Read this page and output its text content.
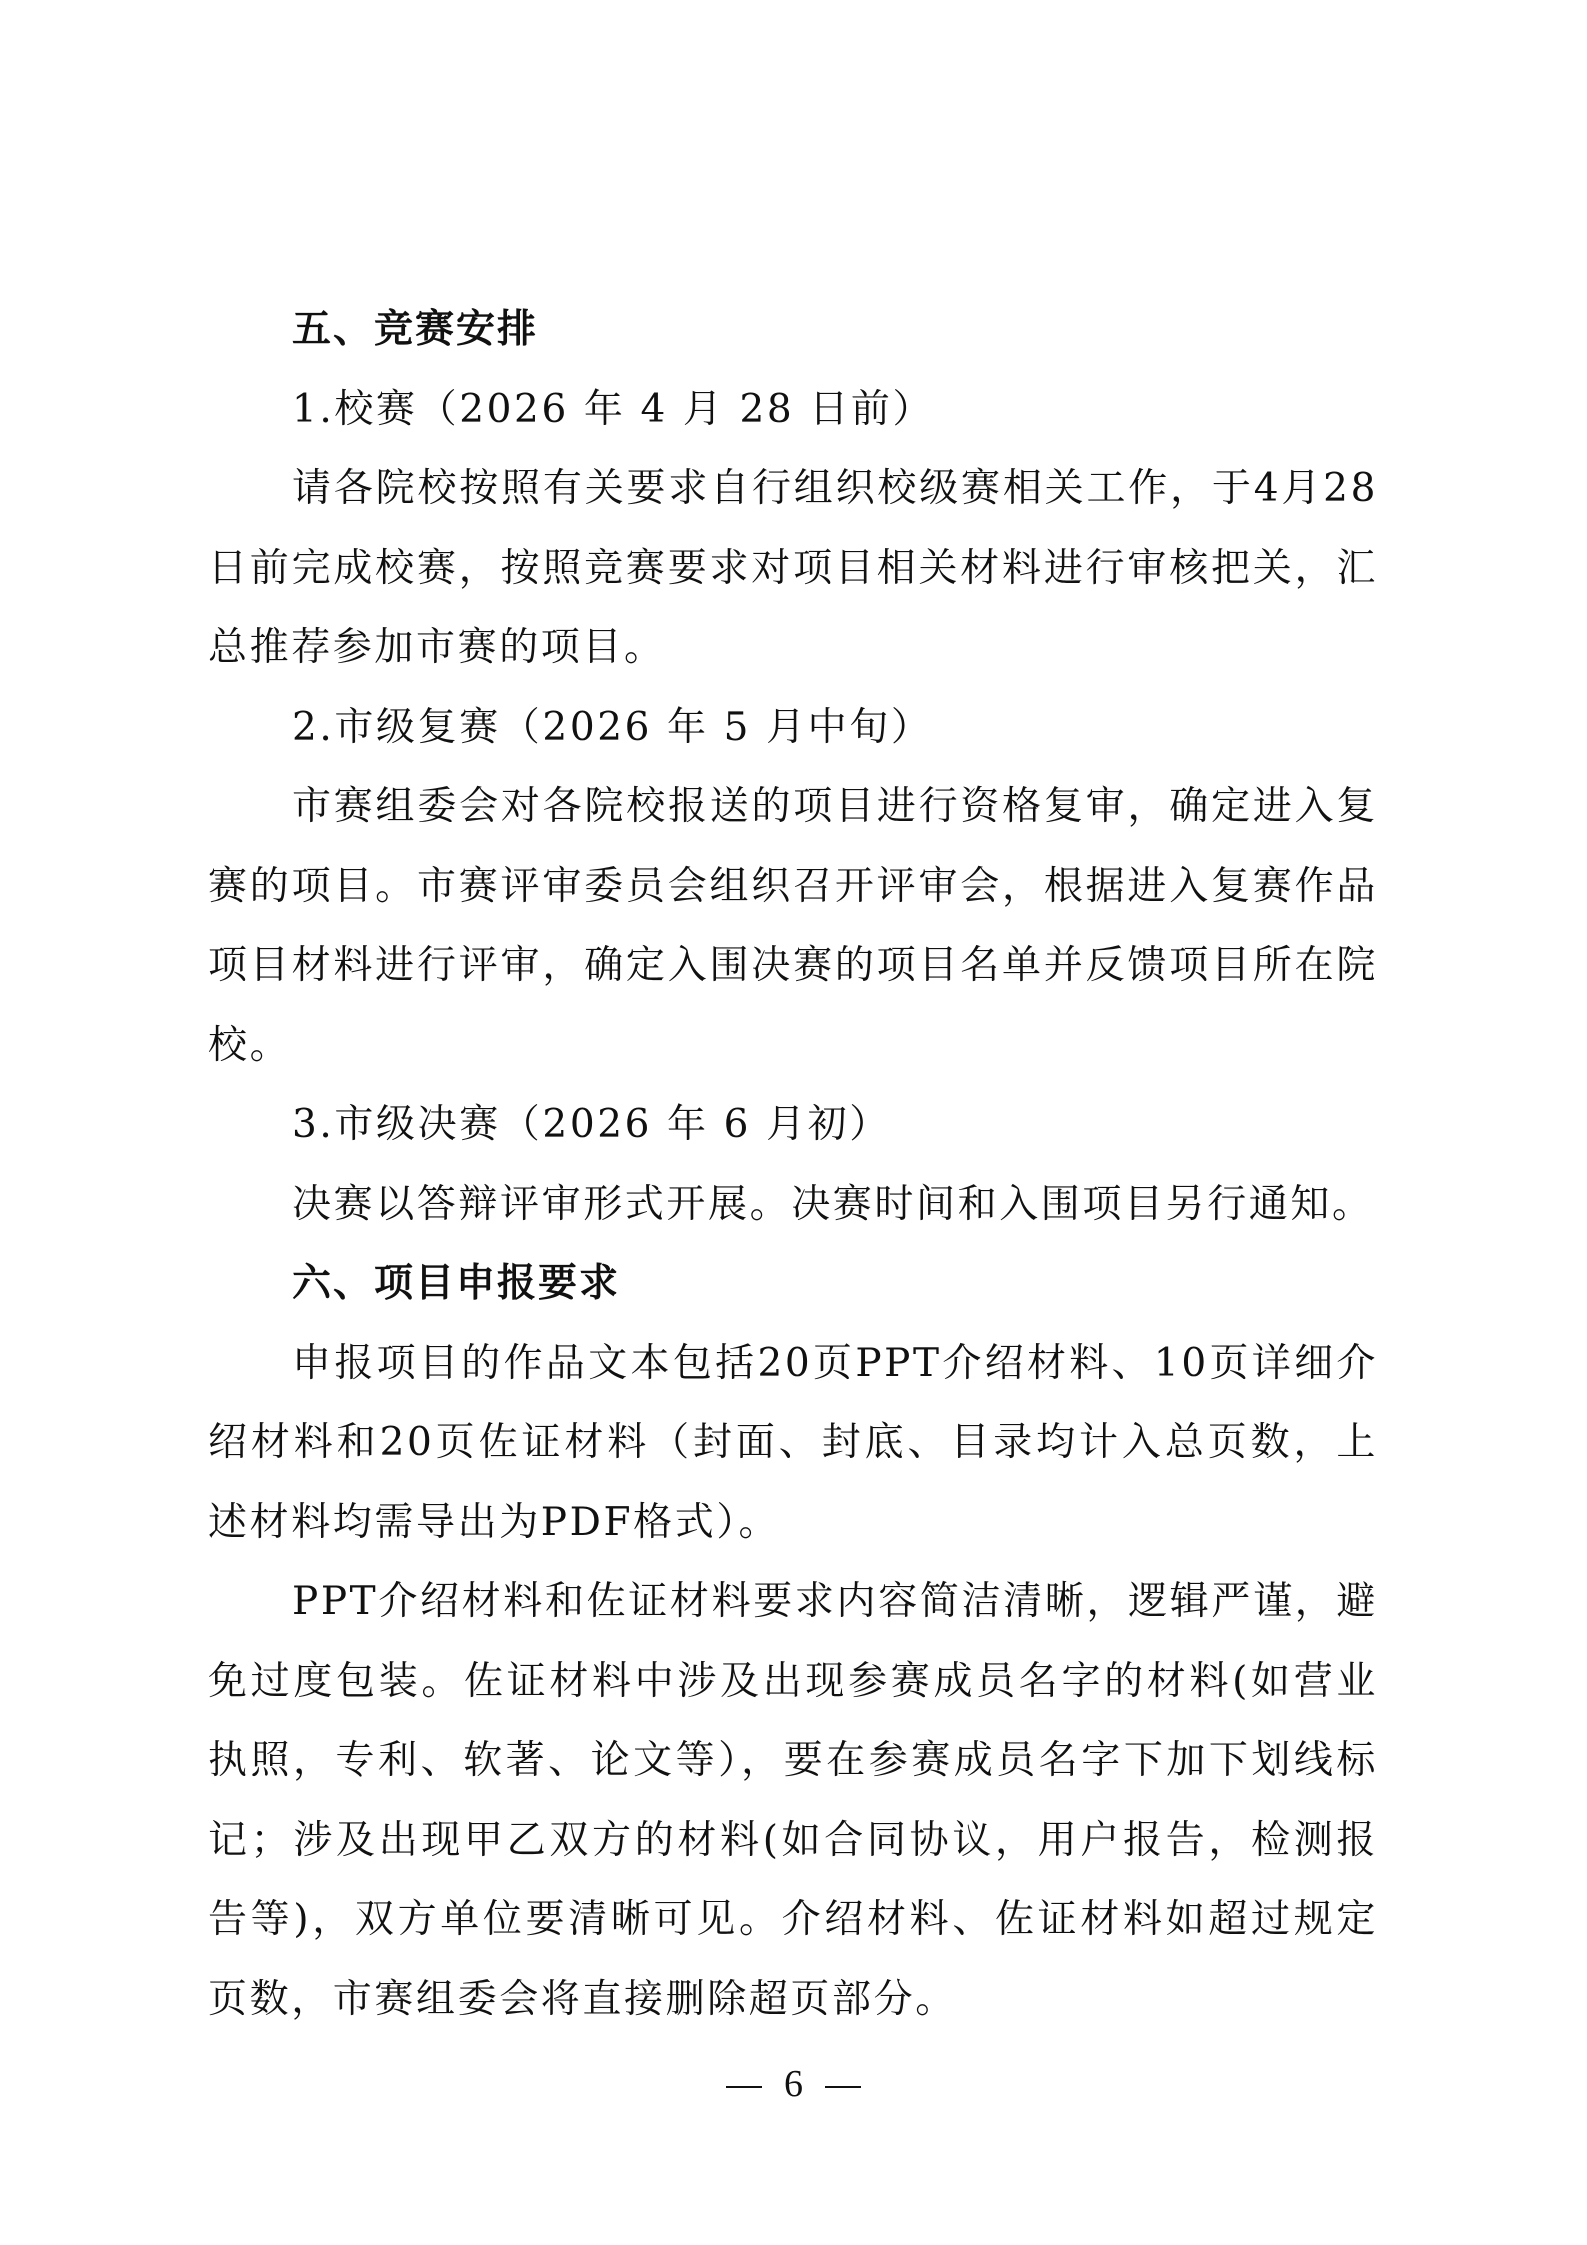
五、竞赛安排

1.校赛（2026 年 4 月 28 日前）

请各院校按照有关要求自行组织校级赛相关工作，于4月28日前完成校赛，按照竞赛要求对项目相关材料进行审核把关，汇总推荐参加市赛的项目。

2.市级复赛（2026 年 5 月中旬）

市赛组委会对各院校报送的项目进行资格复审，确定进入复赛的项目。市赛评审委员会组织召开评审会，根据进入复赛作品项目材料进行评审，确定入围决赛的项目名单并反馈项目所在院校。

3.市级决赛（2026 年 6 月初）

决赛以答辩评审形式开展。决赛时间和入围项目另行通知。

六、项目申报要求

申报项目的作品文本包括20页PPT介绍材料、10页详细介绍材料和20页佐证材料（封面、封底、目录均计入总页数，上述材料均需导出为PDF格式）。

PPT介绍材料和佐证材料要求内容简洁清晰，逻辑严谨，避免过度包装。佐证材料中涉及出现参赛成员名字的材料(如营业执照，专利、软著、论文等），要在参赛成员名字下加下划线标记；涉及出现甲乙双方的材料(如合同协议，用户报告，检测报告等)，双方单位要清晰可见。介绍材料、佐证材料如超过规定页数，市赛组委会将直接删除超页部分。

6
